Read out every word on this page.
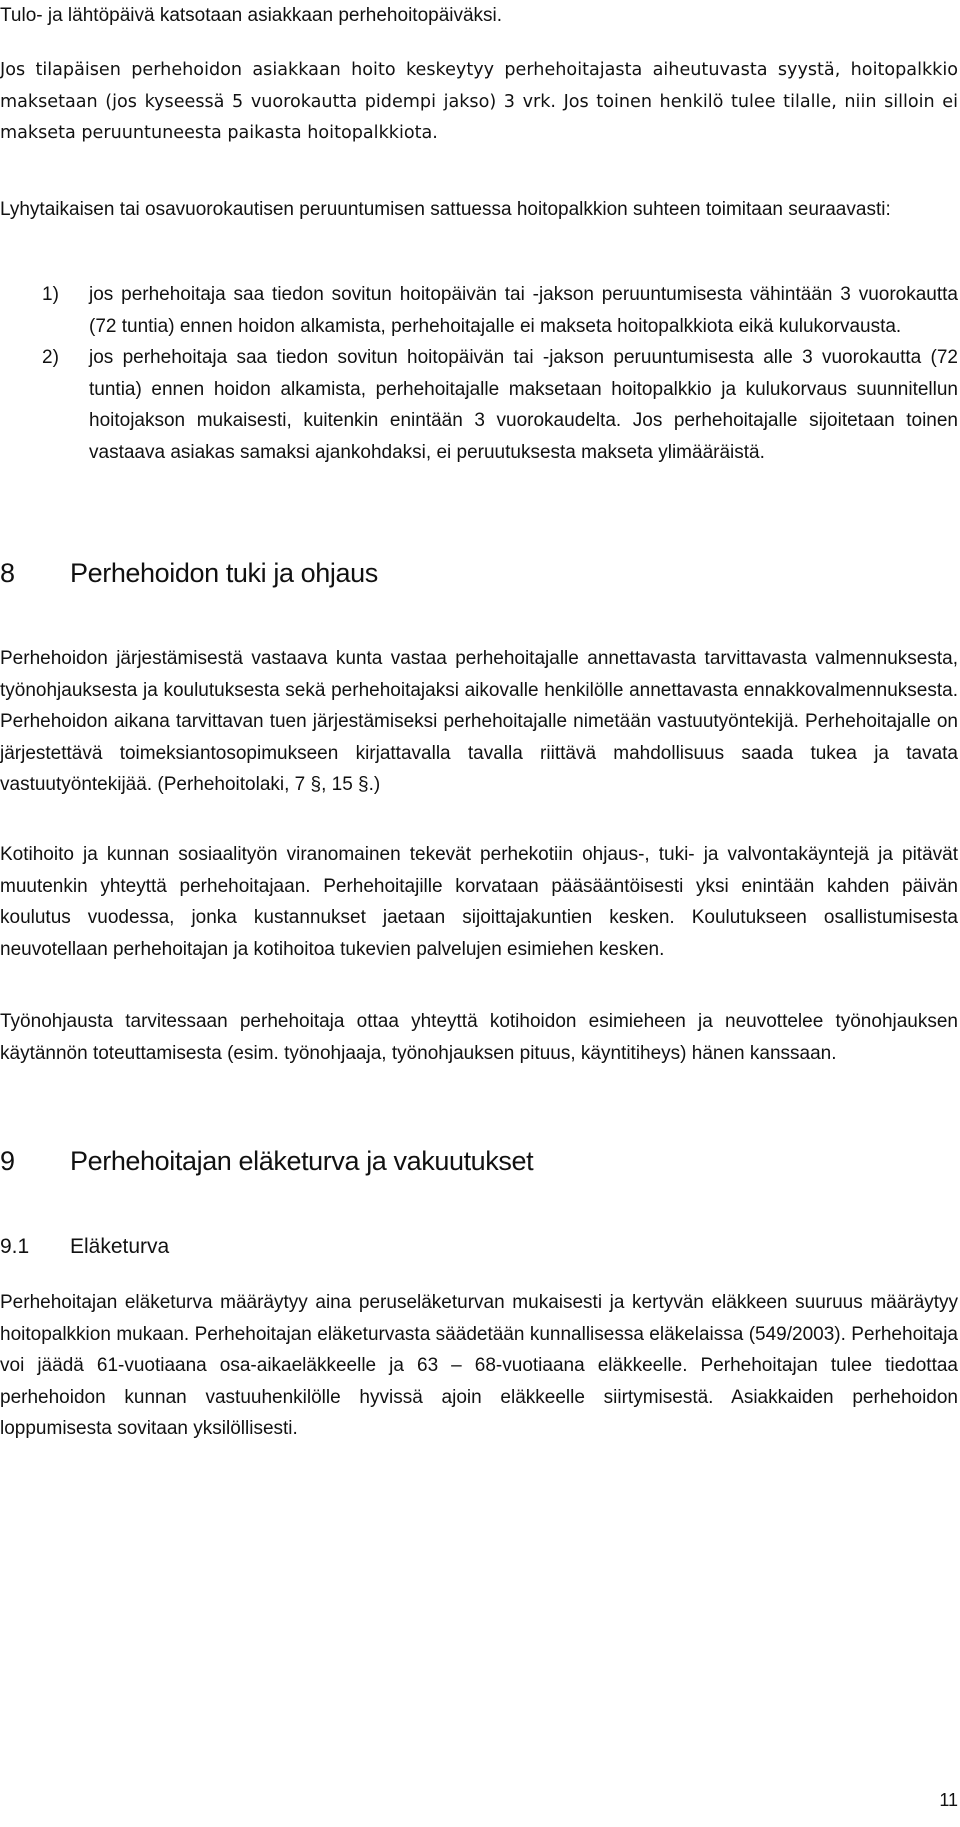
Tulo- ja lähtöpäivä katsotaan asiakkaan perhehoitopäiväksi.

Jos tilapäisen perhehoidon asiakkaan hoito keskeytyy perhehoitajasta aiheutuvasta syystä, hoitopalkkio maksetaan (jos kyseessä 5 vuorokautta pidempi jakso) 3 vrk. Jos toinen henkilö tulee tilalle, niin silloin ei makseta peruuntuneesta paikasta hoitopalkkiota.

Lyhytaikaisen tai osavuorokautisen peruuntumisen sattuessa hoitopalkkion suhteen toimitaan seuraavasti:

1) jos perhehoitaja saa tiedon sovitun hoitopäivän tai -jakson peruuntumisesta vähintään 3 vuorokautta (72 tuntia) ennen hoidon alkamista, perhehoitajalle ei makseta hoitopalkkiota eikä kulukorvausta.
2) jos perhehoitaja saa tiedon sovitun hoitopäivän tai -jakson peruuntumisesta alle 3 vuorokautta (72 tuntia) ennen hoidon alkamista, perhehoitajalle maksetaan hoitopalkkio ja kulukorvaus suunnitellun hoitojakson mukaisesti, kuitenkin enintään 3 vuorokaudelta. Jos perhehoitajalle sijoitetaan toinen vastaava asiakas samaksi ajankohdaksi, ei peruutuksesta makseta ylimääräistä.
8 Perhehoidon tuki ja ohjaus

Perhehoidon järjestämisestä vastaava kunta vastaa perhehoitajalle annettavasta tarvittavasta valmennuksesta, työnohjauksesta ja koulutuksesta sekä perhehoitajaksi aikovalle henkilölle annettavasta ennakkovalmennuksesta. Perhehoidon aikana tarvittavan tuen järjestämiseksi perhehoitajalle nimetään vastuutyöntekijä. Perhehoitajalle on järjestettävä toimeksiantosopimukseen kirjattavalla tavalla riittävä mahdollisuus saada tukea ja tavata vastuutyöntekijää. (Perhehoitolaki, 7 §, 15 §.)

Kotihoito ja kunnan sosiaalityön viranomainen tekevät perhekotiin ohjaus-, tuki- ja valvontakäyntejä ja pitävät muutenkin yhteyttä perhehoitajaan. Perhehoitajille korvataan pääsääntöisesti yksi enintään kahden päivän koulutus vuodessa, jonka kustannukset jaetaan sijoittajakuntien kesken. Koulutukseen osallistumisesta neuvotellaan perhehoitajan ja kotihoitoa tukevien palvelujen esimiehen kesken.

Työnohjausta tarvitessaan perhehoitaja ottaa yhteyttä kotihoidon esimieheen ja neuvottelee työnohjauksen käytännön toteuttamisesta (esim. työnohjaaja, työnohjauksen pituus, käyntitiheys) hänen kanssaan.

9 Perhehoitajan eläketurva ja vakuutukset
9.1 Eläketurva

Perhehoitajan eläketurva määräytyy aina peruseläketurvan mukaisesti ja kertyvän eläkkeen suuruus määräytyy hoitopalkkion mukaan. Perhehoitajan eläketurvasta säädetään kunnallisessa eläkelaissa (549/2003). Perhehoitaja voi jäädä 61-vuotiaana osa-aikaeläkkeelle ja 63 – 68-vuotiaana eläkkeelle. Perhehoitajan tulee tiedottaa perhehoidon kunnan vastuuhenkilölle hyvissä ajoin eläkkeelle siirtymisestä. Asiakkaiden perhehoidon loppumisesta sovitaan yksilöllisesti.

11
